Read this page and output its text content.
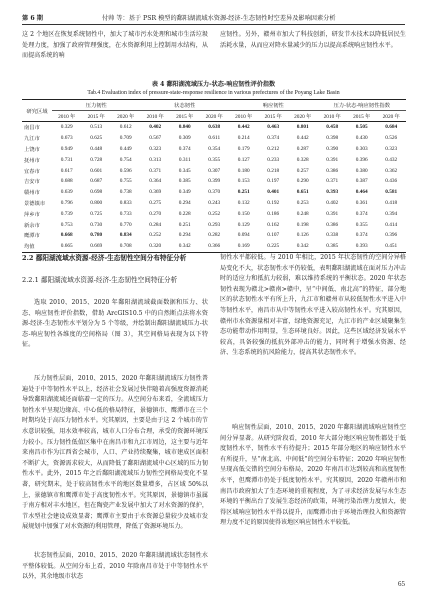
第 6 期	付帅 等：基于 PSR 模型的鄱阳湖流域水资源-经济-生态韧性时空差异及影响因素分析

这 2 个地区在恢复系统韧性中，加大了城市污水处理和城市生活垃圾处理力度，加强了政府管理强度，在水资源利用上控制用水结构，从而提高系统的响

应韧性。另外，赣州市加大了科技创新，研发节水技术以降低居民生活耗水量，从而应对降水量减少的压力以提高系统响应韧性水平。

表 4 鄱阳湖流域压力-状态-响应韧性评价指数
Tab.4 Evaluation index of pressure-state-response resilience in various prefectures of the Poyang Lake Basin
研究区域	压力韧性			状态韧性			响应韧性			压力-状态-响应韧性指数		
	2010 年	2015 年	2020 年	2010 年	2015 年	2020 年	2010 年	2015 年	2020 年	2010 年	2015 年	2020 年
南昌市	0.329	0.513	0.612	0.402	0.840	0.638	0.442	0.463	0.801	0.458	0.505	0.684
九江市	0.673	0.625	0.709	0.567	0.309	0.611	0.214	0.374	0.442	0.398	0.430	0.526
上饶市	0.949	0.448	0.449	0.323	0.374	0.354	0.179	0.212	0.287	0.390	0.303	0.323
抚州市	0.731	0.728	0.754	0.313	0.311	0.355	0.127	0.233	0.328	0.391	0.396	0.432
宜春市	0.617	0.601	0.596	0.371	0.345	0.307	0.180	0.218	0.257	0.386	0.380	0.362
吉安市	0.688	0.687	0.755	0.364	0.385	0.399	0.153	0.197	0.290	0.371	0.387	0.436
赣州市	0.639	0.698	0.738	0.369	0.349	0.370	0.251	0.401	0.651	0.393	0.464	0.581
景德镇市	0.796	0.800	0.833	0.275	0.294	0.243	0.132	0.192	0.253	0.402	0.361	0.418
萍乡市	0.739	0.725	0.733	0.270	0.228	0.252	0.150	0.186	0.248	0.391	0.374	0.394
新余市	0.753	0.730	0.770	0.284	0.251	0.293	0.129	0.162	0.198	0.386	0.355	0.414
鹰潭市	0.668	0.780	0.834	0.252	0.294	0.282	0.094	0.107	0.126	0.338	0.374	0.396
均值	0.665	0.669	0.708	0.320	0.342	0.366	0.169	0.225	0.342	0.385	0.393	0.451
2.2 鄱阳湖流域水资源-经济-生态韧性空间分布特征分析
2.2.1 鄱阳湖流域水资源-经济-生态韧性空间特征分析

选取 2010、2015、2020 年鄱阳湖流域截面数据和压力、状态、响应韧性评价指数，借助 ArcGIS10.5 中的自然断点法将水资源-经济-生态韧性水平划分为 5 个等级，并绘制出鄱阳湖流域压力-状态-响应韧性各维度的空间格局（图 3），其空间格局表现为以下特征。

压力韧性层面，2010、2015、2020 年鄱阳湖流域压力韧性普遍处于中等韧性水平以上，经济社会发展过快伴随着高强度资源消耗导致鄱阳湖流域还面临着一定的压力。从空间分布来看，全流域压力韧性水平呈现边缘高、中心低的格局特征，景德镇市、鹰潭市在三个时期均处于高压力韧性水平。究其原因，主要是由于这 2 个城市的节水意识较强，用水效率较高，城市人口分布合理，承受的资源环境压力较小。压力韧性低值区集中在南昌市和九江市周边，这主要与近年来南昌市作为江西省会城市，人口、产业持续聚集，城市建成区面积不断扩大，资源需求较大，从而降低了鄱阳湖流域中心区域的压力韧性水平。此外，2015 年之后鄱阳湖流域压力韧性空间格局变化不显著，研究期末，处于较高韧性水平的地区数量增多，占区域 50%以上，景德镇市和鹰潭市处于高度韧性水平。究其原因，景德镇市虽属于南方相对丰水地区，但在陶瓷产业发展中加大了对水资源的保护，节水型社会建设成效显著；鹰潭市主要由于水资源总量较少及城市发展规划中加强了对水资源的利用管理，降低了资源环境压力。

状态韧性层面，2010、2015、2020 年鄱阳湖流域状态韧性水平整体较低。从空间分布上看，2010 年除南昌市处于中等韧性水平以外，其余地级市状态

韧性水平都较低。与 2010 年相比，2015 年状态韧性的空间分异格局变化不大，状态韧性水平仍较低，表明鄱阳湖流域在面对压力冲击时的适应力和抵抗力较弱，难以维持系统的平衡状态。2020 年状态韧性表现为赣北>赣南>赣中，呈“中间低、南北高”的特征，部分地区的状态韧性水平有所上升，九江市和赣州市从较低韧性水平进入中等韧性水平，南昌市从中等韧性水平进入较高韧性水平。究其原因，赣州市水资源量相对丰富，绿地资源充足，九江市的产业区域聚集生态功能带动作用明显，生态环境良好。因此，这些区域经济发展水平较高，具备较强的抵抗外部冲击的能力，同时利于增强水资源、经济、生态系统的抗风险能力，提高其状态韧性水平。

响应韧性层面，2010、2015、2020 年鄱阳湖流域响应韧性空间分异显著。从研究阶段看，2010 年大部分地区响应韧性都处于低度韧性水平，韧性水平有待提升；2015 年部分地区的响应韧性水平有所提升，呈“南北高、中间低”的空间分布特征；2020 年响应韧性呈现高低交错的空间分布格局，2020 年南昌市达到较高和高度韧性水平，但鹰潭市仍处于低度韧性水平。究其原因，2020 年赣州市和南昌市政府加大了生态环境的重视程度，为了寻求经济发展与水生态环境的平衡出台了发展生态经济的政策，环境污染治理力度加大，使得区域响应韧性水平得以提升，而鹰潭市由于环境治理投入和资源管理力度不足的原因使得该地区响应韧性水平较低。

65
